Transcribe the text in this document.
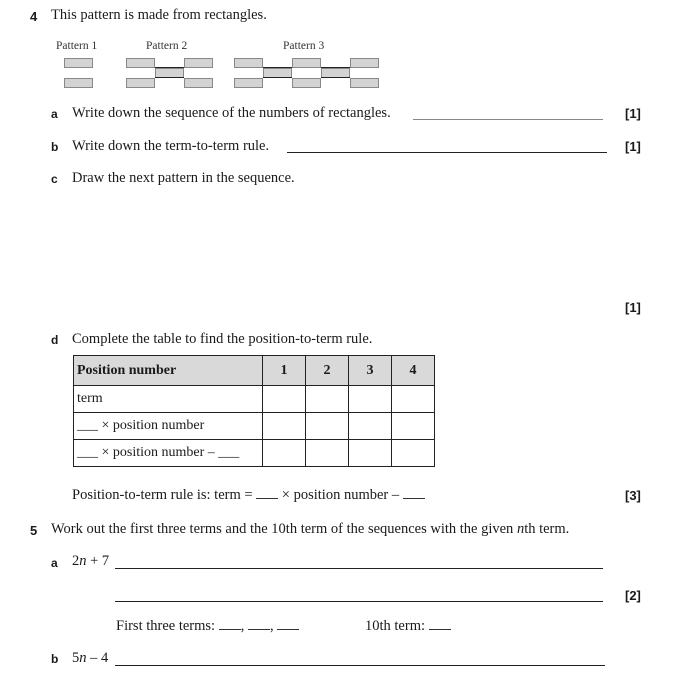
4 This pattern is made from rectangles.
Pattern 1	Pattern 2	Pattern 3
a Write down the sequence of the numbers of rectangles.	[1]
b Write down the term-to-term rule.	[1]
c Draw the next pattern in the sequence.
[1]
d Complete the table to find the position-to-term rule.
Position number	1	2	3	4
term				
___ × position number				
___ × position number – ___				
Position-to-term rule is: term =  × position number –	[3]
5 Work out the first three terms and the 10th term of the sequences with the given nth term.
a 2n + 7
[2]
First three terms: , ,	10th term:
b 5n – 4
